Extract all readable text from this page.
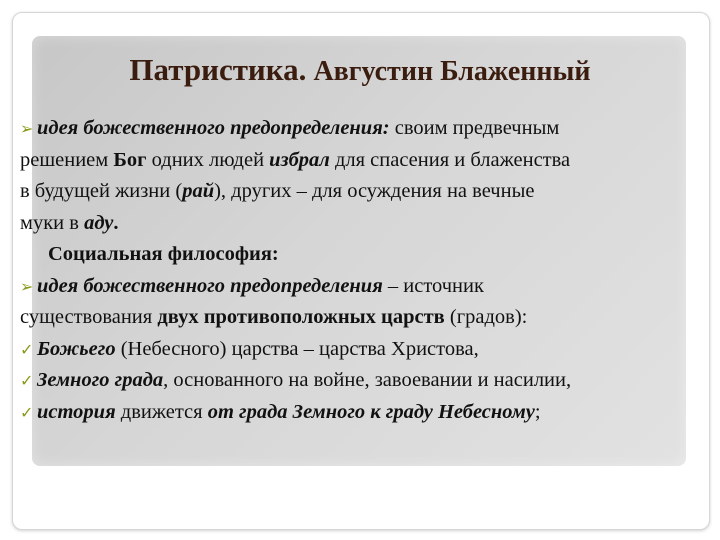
Патристика. Августин Блаженный
➢ идея божественного предопределения: своим предвечным
решением Бог одних людей избрал для спасения и блаженства
в будущей жизни (рай), других – для осуждения на вечные
муки в аду.
Социальная философия:
➢ идея божественного предопределения – источник
существования двух противоположных царств (градов):
✓ Божьего (Небесного) царства – царства Христова,
✓ Земного града, основанного на войне, завоевании и насилии,
✓ история движется от града Земного к граду Небесному;
